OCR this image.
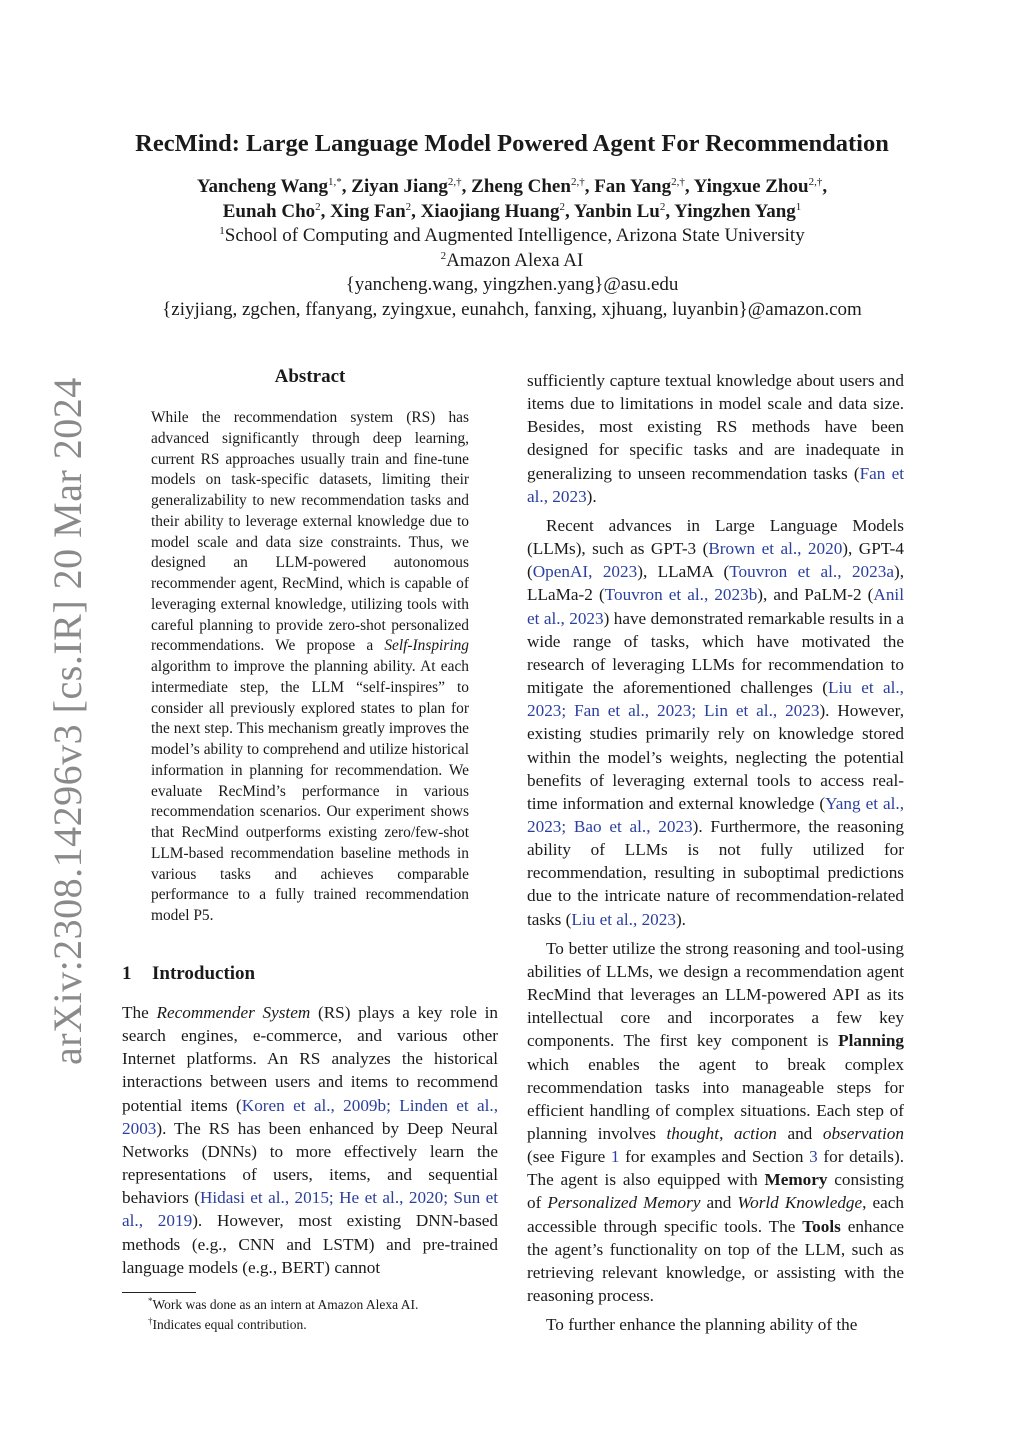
arXiv:2308.14296v3 [cs.IR] 20 Mar 2024
RecMind: Large Language Model Powered Agent For Recommendation
Yancheng Wang$^{1,*}$, Ziyan Jiang$^{2,\dagger}$, Zheng Chen$^{2,\dagger}$, Fan Yang$^{2,\dagger}$, Yingxue Zhou$^{2,\dagger}$,
Eunah Cho$^2$, Xing Fan$^2$, Xiaojiang Huang$^2$, Yanbin Lu$^2$, Yingzhen Yang$^1$
$^1$School of Computing and Augmented Intelligence, Arizona State University
$^2$Amazon Alexa AI
{yancheng.wang, yingzhen.yang}@asu.edu
{ziyjiang, zgchen, ffanyang, zyingxue, eunahch, fanxing, xjhuang, luyanbin}@amazon.com
Abstract
While the recommendation system (RS) has advanced significantly through deep learning, current RS approaches usually train and fine-tune models on task-specific datasets, limiting their generalizability to new recommendation tasks and their ability to leverage external knowledge due to model scale and data size constraints. Thus, we designed an LLM-powered autonomous recommender agent, RecMind, which is capable of leveraging external knowledge, utilizing tools with careful planning to provide zero-shot personalized recommendations. We propose a Self-Inspiring algorithm to improve the planning ability. At each intermediate step, the LLM “self-inspires” to consider all previously explored states to plan for the next step. This mechanism greatly improves the model’s ability to comprehend and utilize historical information in planning for recommendation. We evaluate RecMind’s performance in various recommendation scenarios. Our experiment shows that RecMind outperforms existing zero/few-shot LLM-based recommendation baseline methods in various tasks and achieves comparable performance to a fully trained recommendation model P5.
1 Introduction
The Recommender System (RS) plays a key role in search engines, e-commerce, and various other Internet platforms. An RS analyzes the historical interactions between users and items to recommend potential items (Koren et al., 2009b; Linden et al., 2003). The RS has been enhanced by Deep Neural Networks (DNNs) to more effectively learn the representations of users, items, and sequential behaviors (Hidasi et al., 2015; He et al., 2020; Sun et al., 2019). However, most existing DNN-based methods (e.g., CNN and LSTM) and pre-trained language models (e.g., BERT) cannot
*Work was done as an intern at Amazon Alexa AI.
†Indicates equal contribution.

sufficiently capture textual knowledge about users and items due to limitations in model scale and data size. Besides, most existing RS methods have been designed for specific tasks and are inadequate in generalizing to unseen recommendation tasks (Fan et al., 2023).

Recent advances in Large Language Models (LLMs), such as GPT-3 (Brown et al., 2020), GPT-4 (OpenAI, 2023), LLaMA (Touvron et al., 2023a), LLaMa-2 (Touvron et al., 2023b), and PaLM-2 (Anil et al., 2023) have demonstrated remarkable results in a wide range of tasks, which have motivated the research of leveraging LLMs for recommendation to mitigate the aforementioned challenges (Liu et al., 2023; Fan et al., 2023; Lin et al., 2023). However, existing studies primarily rely on knowledge stored within the model’s weights, neglecting the potential benefits of leveraging external tools to access real-time information and external knowledge (Yang et al., 2023; Bao et al., 2023). Furthermore, the reasoning ability of LLMs is not fully utilized for recommendation, resulting in suboptimal predictions due to the intricate nature of recommendation-related tasks (Liu et al., 2023).

To better utilize the strong reasoning and tool-using abilities of LLMs, we design a recommendation agent RecMind that leverages an LLM-powered API as its intellectual core and incorporates a few key components. The first key component is Planning which enables the agent to break complex recommendation tasks into manageable steps for efficient handling of complex situations. Each step of planning involves thought, action and observation (see Figure 1 for examples and Section 3 for details). The agent is also equipped with Memory consisting of Personalized Memory and World Knowledge, each accessible through specific tools. The Tools enhance the agent’s functionality on top of the LLM, such as retrieving relevant knowledge, or assisting with the reasoning process.

To further enhance the planning ability of the
